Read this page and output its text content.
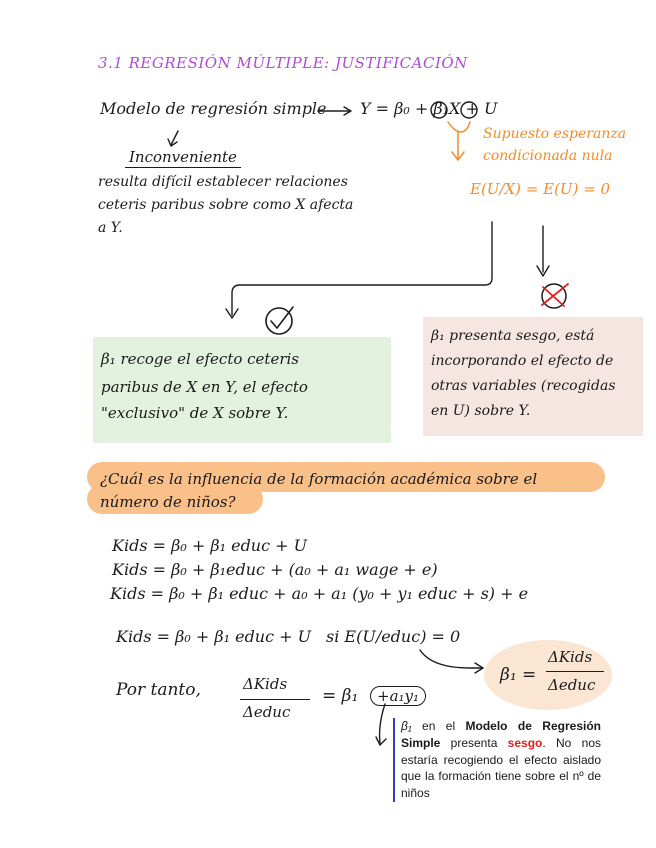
3.1 REGRESIÓN MÚLTIPLE: JUSTIFICACIÓN
Modelo de regresión simple Y = β₀ + β₁X + U
Supuesto esperanza
condicionada nula
E(U/X) = E(U) = 0
Inconveniente
resulta difícil establecer relaciones
ceteris paribus sobre como X afecta
a Y.
β₁ recoge el efecto ceteris
paribus de X en Y, el efecto
"exclusivo" de X sobre Y.
β₁ presenta sesgo, está
incorporando el efecto de
otras variables (recogidas
en U) sobre Y.
¿Cuál es la influencia de la formación académica sobre el
número de niños?
Kids = β₀ + β₁ educ + U
Kids = β₀ + β₁educ + (a₀ + a₁ wage + e)
Kids = β₀ + β₁ educ + a₀ + a₁ (y₀ + y₁ educ + s) + e
Kids = β₀ + β₁ educ + U si E(U/educ) = 0
β₁ =
ΔKids
Δeduc
Por tanto,	ΔKids
Δeduc
= β₁	+a₁y₁
β₁ en el Modelo de Regresión Simple presenta sesgo. No nos estaría recogiendo el efecto aislado que la formación tiene sobre el nº de niños
